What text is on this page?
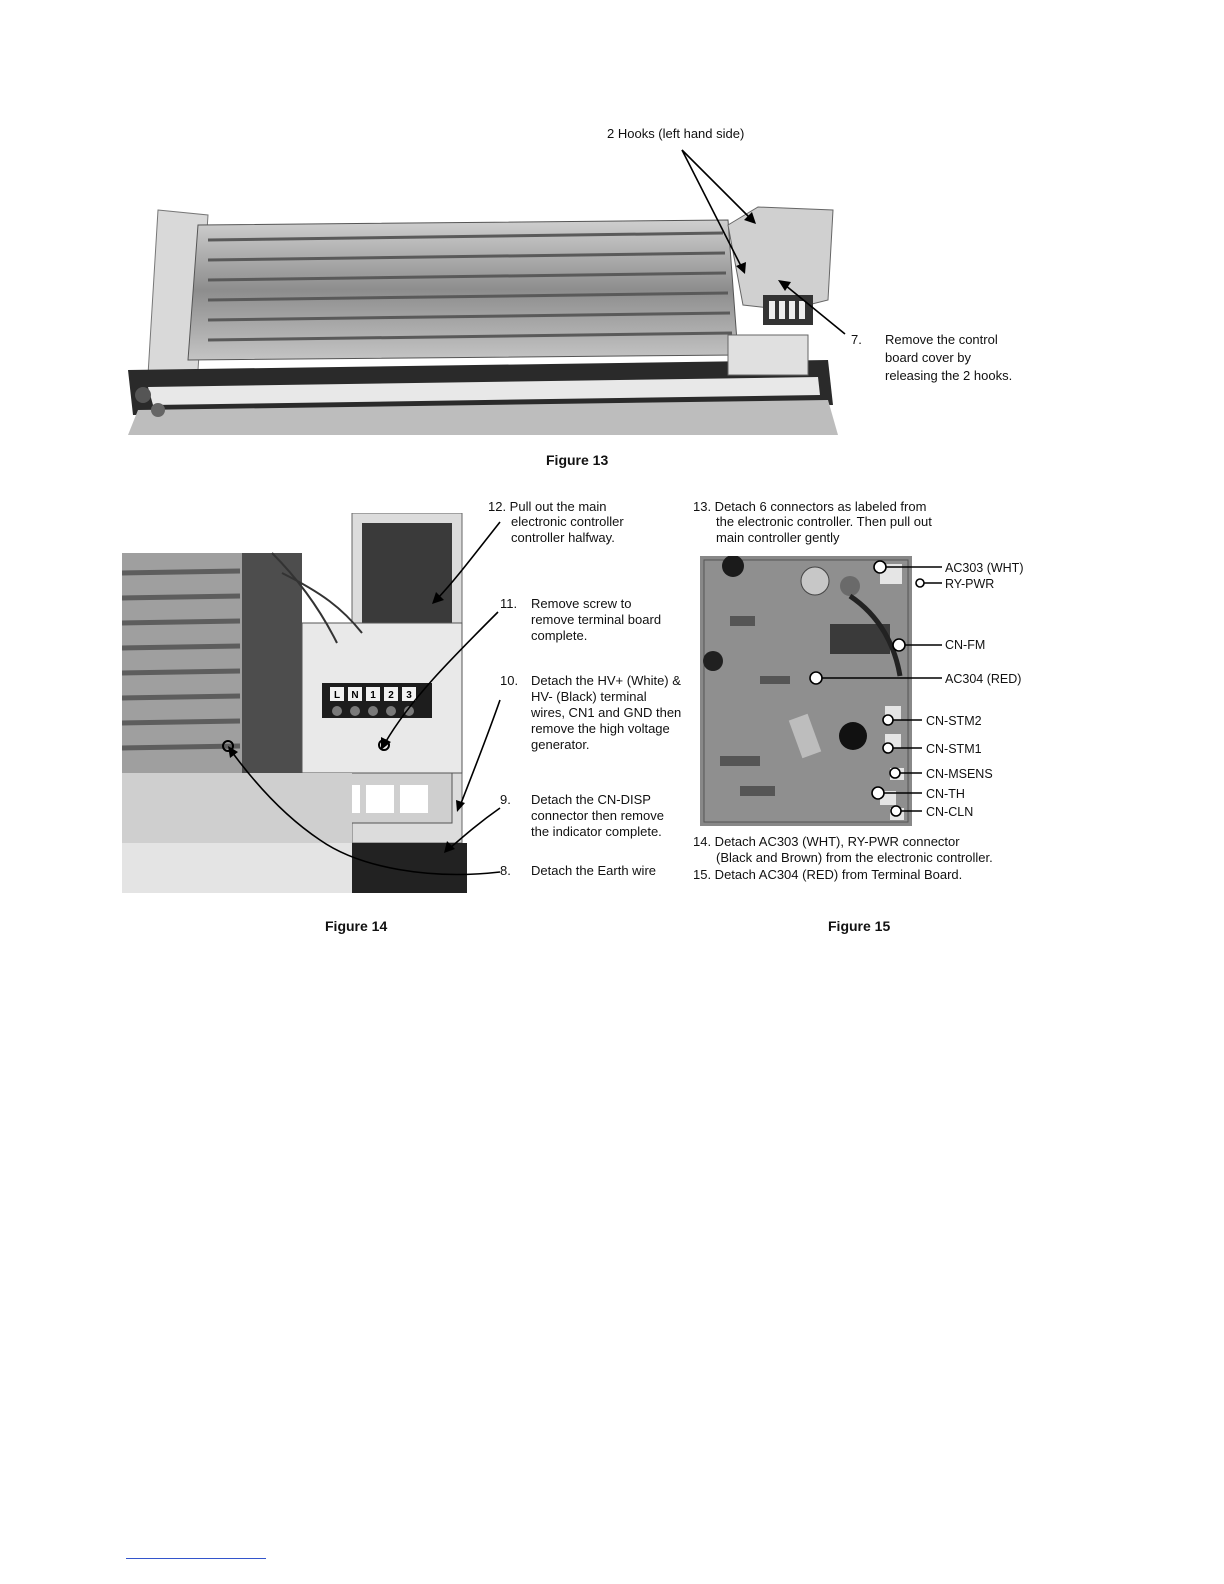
2 Hooks (left hand side)
7. Remove the control
board cover by
releasing the 2 hooks.
Figure 13
L N 1 2 3
12. Pull out the main
electronic controller
controller halfway.
11. Remove screw to
remove terminal board
complete.
10. Detach the HV+ (White) &
HV- (Black) terminal
wires, CN1 and GND then
remove the high voltage
generator.
9. Detach the CN-DISP
connector then remove
the indicator complete.
8. Detach the Earth wire
Figure 14
13. Detach 6 connectors as labeled from
the electronic controller. Then pull out
main controller gently
AC303 (WHT)
RY-PWR
CN-FM
AC304 (RED)
CN-STM2
CN-STM1
CN-MSENS
CN-TH
CN-CLN
14. Detach AC303 (WHT), RY-PWR connector
(Black and Brown) from the electronic controller.
15. Detach AC304 (RED) from Terminal Board.
Figure 15
